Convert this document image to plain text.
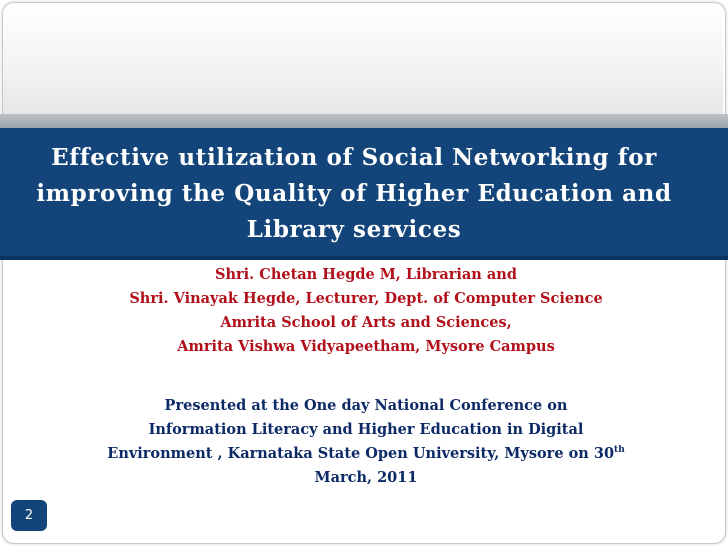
Effective utilization of Social Networking for
improving the Quality of Higher Education and
Library services
Shri. Chetan Hegde M, Librarian and
Shri. Vinayak Hegde, Lecturer, Dept. of Computer Science
Amrita School of Arts and Sciences,
Amrita Vishwa Vidyapeetham, Mysore Campus
Presented at the One day National Conference on
Information Literacy and Higher Education in Digital
Environment , Karnataka State Open University, Mysore on 30th
March, 2011
2
